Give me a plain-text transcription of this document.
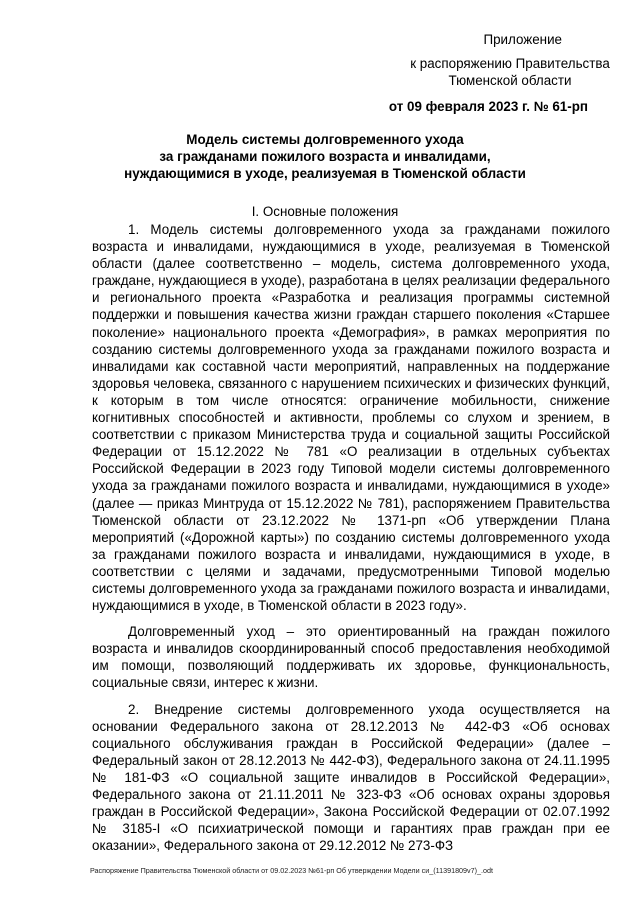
Приложение
к распоряжению Правительства
Тюменской области
от 09 февраля 2023 г. № 61-рп
Модель системы долговременного ухода
за гражданами пожилого возраста и инвалидами,
нуждающимися в уходе, реализуемая в Тюменской области
I. Основные положения

1. Модель системы долговременного ухода за гражданами пожилого возраста и инвалидами, нуждающимися в уходе, реализуемая в Тюменской области (далее соответственно – модель, система долговременного ухода, граждане, нуждающиеся в уходе), разработана в целях реализации федерального и регионального проекта «Разработка и реализация программы системной поддержки и повышения качества жизни граждан старшего поколения «Старшее поколение» национального проекта «Демография», в рамках мероприятия по созданию системы долговременного ухода за гражданами пожилого возраста и инвалидами как составной части мероприятий, направленных на поддержание здоровья человека, связанного с нарушением психических и физических функций, к которым в том числе относятся: ограничение мобильности, снижение когнитивных способностей и активности, проблемы со слухом и зрением, в соответствии с приказом Министерства труда и социальной защиты Российской Федерации от 15.12.2022 № 781 «О реализации в отдельных субъектах Российской Федерации в 2023 году Типовой модели системы долговременного ухода за гражданами пожилого возраста и инвалидами, нуждающимися в уходе» (далее — приказ Минтруда от 15.12.2022 № 781), распоряжением Правительства Тюменской области от 23.12.2022 № 1371-рп «Об утверждении Плана мероприятий («Дорожной карты») по созданию системы долговременного ухода за гражданами пожилого возраста и инвалидами, нуждающимися в уходе, в соответствии с целями и задачами, предусмотренными Типовой моделью системы долговременного ухода за гражданами пожилого возраста и инвалидами, нуждающимися в уходе, в Тюменской области в 2023 году».

Долговременный уход – это ориентированный на граждан пожилого возраста и инвалидов скоординированный способ предоставления необходимой им помощи, позволяющий поддерживать их здоровье, функциональность, социальные связи, интерес к жизни.

2. Внедрение системы долговременного ухода осуществляется на основании Федерального закона от 28.12.2013 № 442-ФЗ «Об основах социального обслуживания граждан в Российской Федерации» (далее – Федеральный закон от 28.12.2013 № 442-ФЗ), Федерального закона от 24.11.1995 № 181-ФЗ «О социальной защите инвалидов в Российской Федерации», Федерального закона от 21.11.2011 № 323-ФЗ «Об основах охраны здоровья граждан в Российской Федерации», Закона Российской Федерации от 02.07.1992 № 3185-I «О психиатрической помощи и гарантиях прав граждан при ее оказании», Федерального закона от 29.12.2012 № 273-ФЗ

Распоряжение Правительства Тюменской области от 09.02.2023 №61-рп Об утверждении Модели си_(11391809v7)_.odt
